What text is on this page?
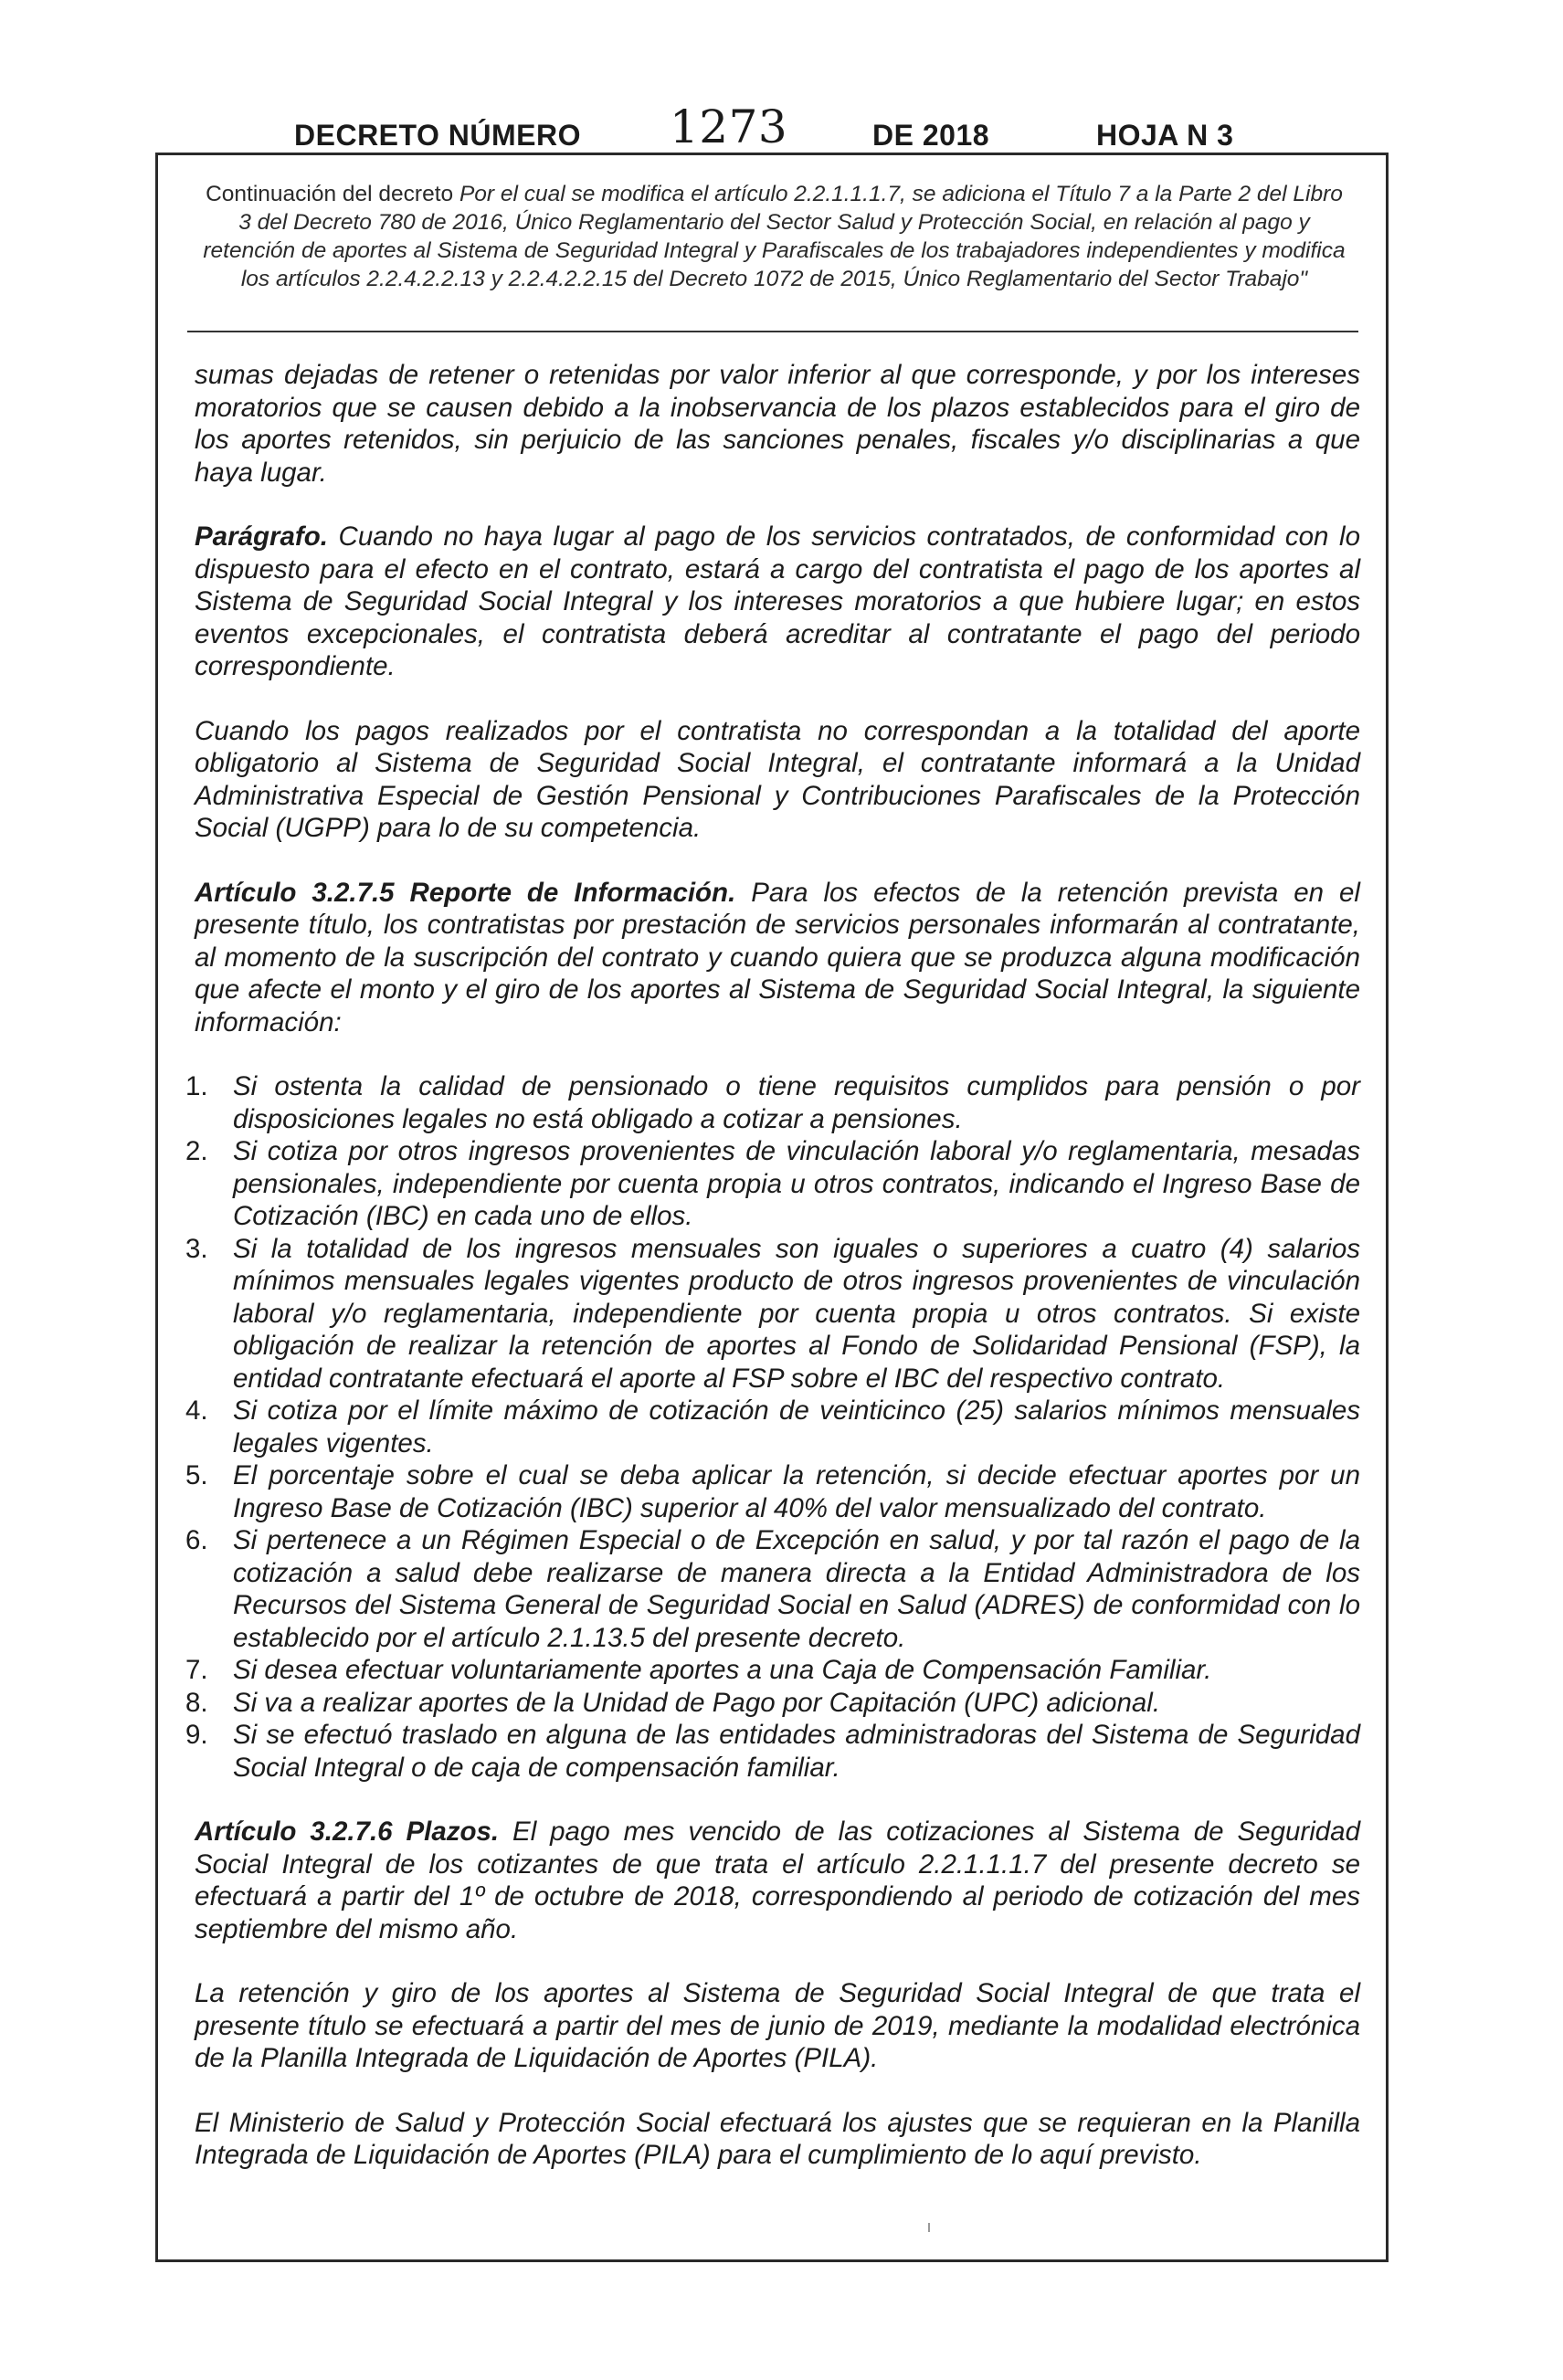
DECRETO NÚMERO 1273	DE 2018	HOJA N 3
Continuación del decreto Por el cual se modifica el artículo 2.2.1.1.1.7, se adiciona el Título 7 a la Parte 2 del Libro 3 del Decreto 780 de 2016, Único Reglamentario del Sector Salud y Protección Social, en relación al pago y retención de aportes al Sistema de Seguridad Integral y Parafiscales de los trabajadores independientes y modifica los artículos 2.2.4.2.2.13 y 2.2.4.2.2.15 del Decreto 1072 de 2015, Único Reglamentario del Sector Trabajo"

sumas dejadas de retener o retenidas por valor inferior al que corresponde, y por los intereses moratorios que se causen debido a la inobservancia de los plazos establecidos para el giro de los aportes retenidos, sin perjuicio de las sanciones penales, fiscales y/o disciplinarias a que haya lugar.

Parágrafo. Cuando no haya lugar al pago de los servicios contratados, de conformidad con lo dispuesto para el efecto en el contrato, estará a cargo del contratista el pago de los aportes al Sistema de Seguridad Social Integral y los intereses moratorios a que hubiere lugar; en estos eventos excepcionales, el contratista deberá acreditar al contratante el pago del periodo correspondiente.

Cuando los pagos realizados por el contratista no correspondan a la totalidad del aporte obligatorio al Sistema de Seguridad Social Integral, el contratante informará a la Unidad Administrativa Especial de Gestión Pensional y Contribuciones Parafiscales de la Protección Social (UGPP) para lo de su competencia.

Artículo 3.2.7.5 Reporte de Información. Para los efectos de la retención prevista en el presente título, los contratistas por prestación de servicios personales informarán al contratante, al momento de la suscripción del contrato y cuando quiera que se produzca alguna modificación que afecte el monto y el giro de los aportes al Sistema de Seguridad Social Integral, la siguiente información:

1. Si ostenta la calidad de pensionado o tiene requisitos cumplidos para pensión o por disposiciones legales no está obligado a cotizar a pensiones.
2. Si cotiza por otros ingresos provenientes de vinculación laboral y/o reglamentaria, mesadas pensionales, independiente por cuenta propia u otros contratos, indicando el Ingreso Base de Cotización (IBC) en cada uno de ellos.
3. Si la totalidad de los ingresos mensuales son iguales o superiores a cuatro (4) salarios mínimos mensuales legales vigentes producto de otros ingresos provenientes de vinculación laboral y/o reglamentaria, independiente por cuenta propia u otros contratos. Si existe obligación de realizar la retención de aportes al Fondo de Solidaridad Pensional (FSP), la entidad contratante efectuará el aporte al FSP sobre el IBC del respectivo contrato.
4. Si cotiza por el límite máximo de cotización de veinticinco (25) salarios mínimos mensuales legales vigentes.
5. El porcentaje sobre el cual se deba aplicar la retención, si decide efectuar aportes por un Ingreso Base de Cotización (IBC) superior al 40% del valor mensualizado del contrato.
6. Si pertenece a un Régimen Especial o de Excepción en salud, y por tal razón el pago de la cotización a salud debe realizarse de manera directa a la Entidad Administradora de los Recursos del Sistema General de Seguridad Social en Salud (ADRES) de conformidad con lo establecido por el artículo 2.1.13.5 del presente decreto.
7. Si desea efectuar voluntariamente aportes a una Caja de Compensación Familiar.
8. Si va a realizar aportes de la Unidad de Pago por Capitación (UPC) adicional.
9. Si se efectuó traslado en alguna de las entidades administradoras del Sistema de Seguridad Social Integral o de caja de compensación familiar.

Artículo 3.2.7.6 Plazos. El pago mes vencido de las cotizaciones al Sistema de Seguridad Social Integral de los cotizantes de que trata el artículo 2.2.1.1.1.7 del presente decreto se efectuará a partir del 1º de octubre de 2018, correspondiendo al periodo de cotización del mes septiembre del mismo año.

La retención y giro de los aportes al Sistema de Seguridad Social Integral de que trata el presente título se efectuará a partir del mes de junio de 2019, mediante la modalidad electrónica de la Planilla Integrada de Liquidación de Aportes (PILA).

El Ministerio de Salud y Protección Social efectuará los ajustes que se requieran en la Planilla Integrada de Liquidación de Aportes (PILA) para el cumplimiento de lo aquí previsto.
